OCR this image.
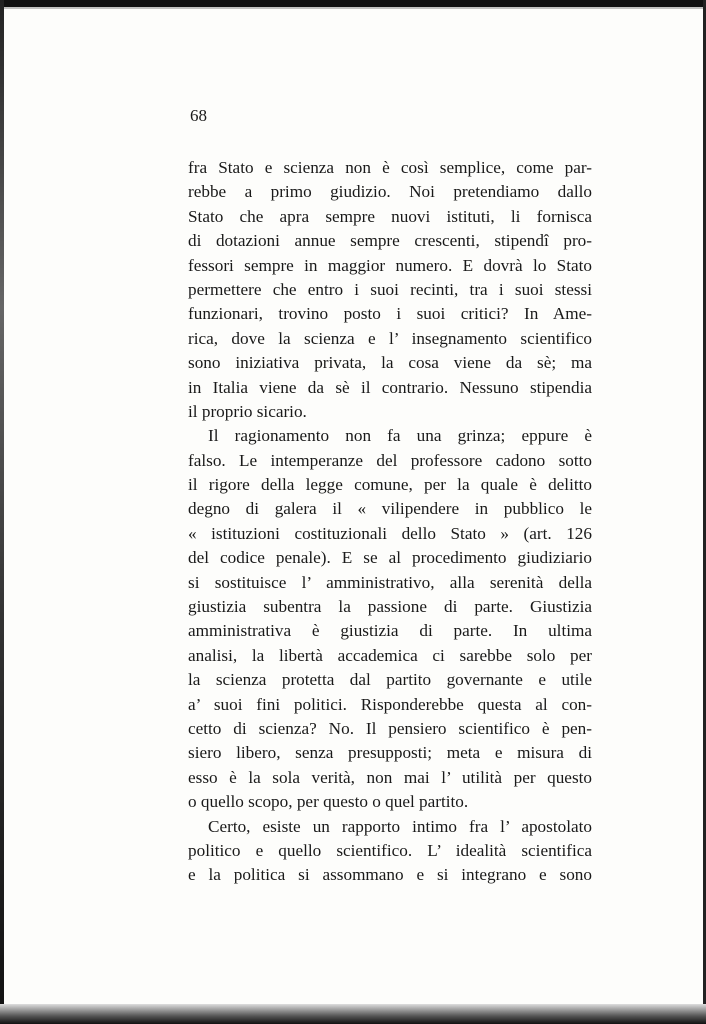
68
fra Stato e scienza non è così semplice, come par-
rebbe a primo giudizio. Noi pretendiamo dallo
Stato che apra sempre nuovi istituti, li fornisca
di dotazioni annue sempre crescenti, stipendî pro-
fessori sempre in maggior numero. E dovrà lo Stato
permettere che entro i suoi recinti, tra i suoi stessi
funzionari, trovino posto i suoi critici? In Ame-
rica, dove la scienza e l’ insegnamento scientifico
sono iniziativa privata, la cosa viene da sè; ma
in Italia viene da sè il contrario. Nessuno stipendia
il proprio sicario.
Il ragionamento non fa una grinza; eppure è
falso. Le intemperanze del professore cadono sotto
il rigore della legge comune, per la quale è delitto
degno di galera il « vilipendere in pubblico le
« istituzioni costituzionali dello Stato » (art. 126
del codice penale). E se al procedimento giudiziario
si sostituisce l’ amministrativo, alla serenità della
giustizia subentra la passione di parte. Giustizia
amministrativa è giustizia di parte. In ultima
analisi, la libertà accademica ci sarebbe solo per
la scienza protetta dal partito governante e utile
a’ suoi fini politici. Risponderebbe questa al con-
cetto di scienza? No. Il pensiero scientifico è pen-
siero libero, senza presupposti; meta e misura di
esso è la sola verità, non mai l’ utilità per questo
o quello scopo, per questo o quel partito.
Certo, esiste un rapporto intimo fra l’ apostolato
politico e quello scientifico. L’ idealità scientifica
e la politica si assommano e si integrano e sono
